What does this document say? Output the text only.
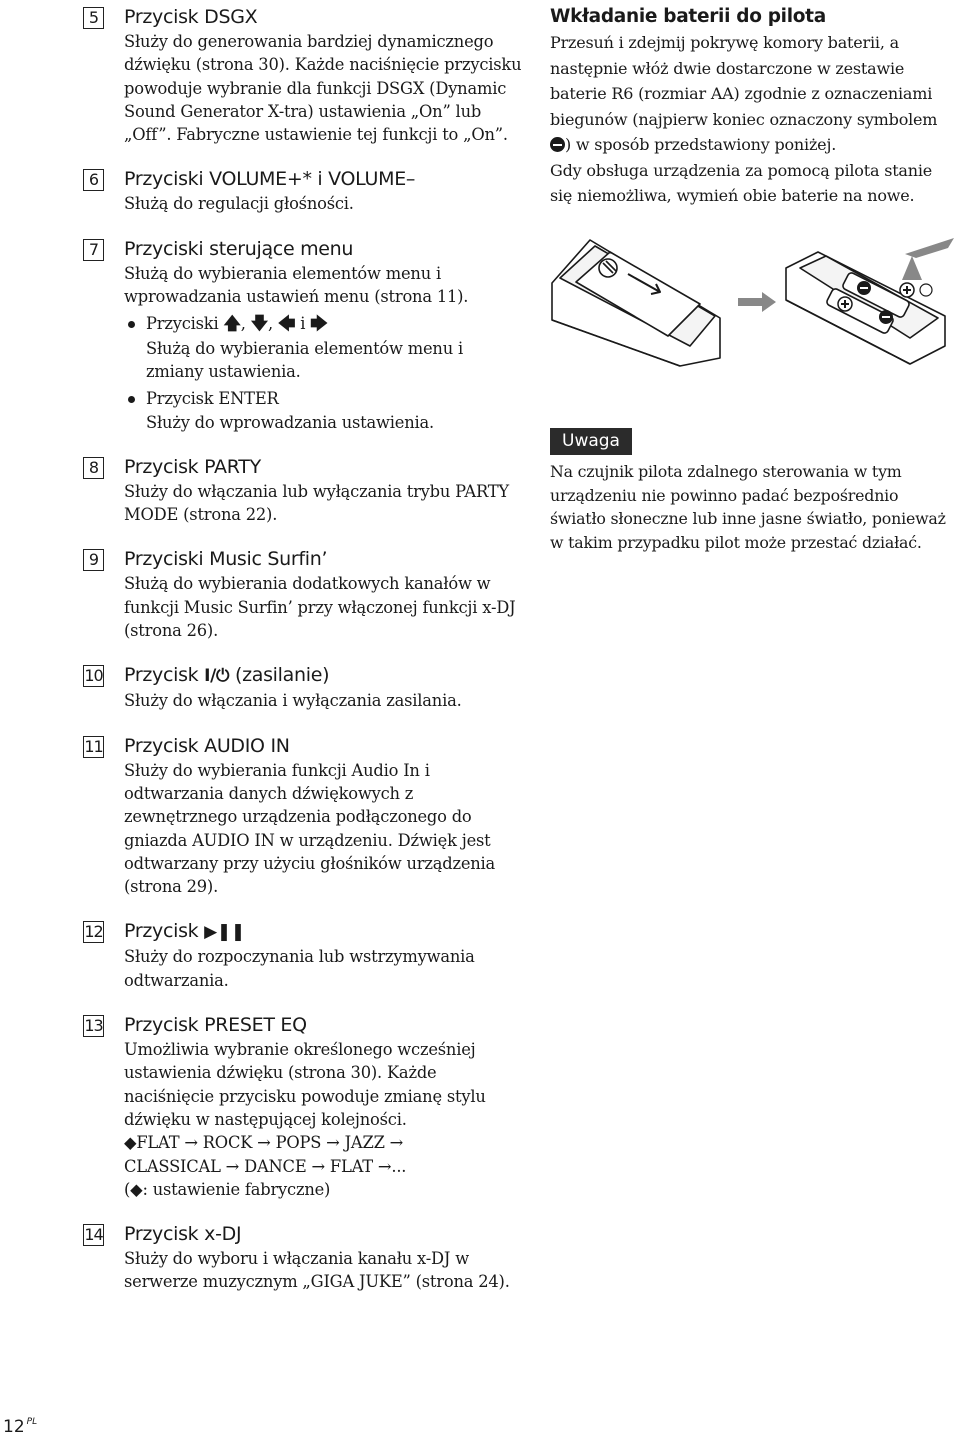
5	Przycisk DSGX
Służy do generowania bardziej dynamicznego dźwięku (strona 30). Każde naciśnięcie przycisku powoduje wybranie dla funkcji DSGX (Dynamic Sound Generator X-tra) ustawienia „On” lub „Off”. Fabryczne ustawienie tej funkcji to „On”.
6	Przyciski VOLUME+* i VOLUME–
Służą do regulacji głośności.
7	Przyciski sterujące menu
Służą do wybierania elementów menu i wprowadzania ustawień menu (strona 11).
Przyciski 🡅, 🡇, 🡄 i 🡆
Służą do wybierania elementów menu i zmiany ustawienia.
Przycisk ENTER
Służy do wprowadzania ustawienia.
8	Przycisk PARTY
Służy do włączania lub wyłączania trybu PARTY MODE (strona 22).
9	Przyciski Music Surfin’
Służą do wybierania dodatkowych kanałów w funkcji Music Surfin’ przy włączonej funkcji x-DJ (strona 26).
10 Przycisk I/⏻ (zasilanie)
Służy do włączania i wyłączania zasilania.
11 Przycisk AUDIO IN
Służy do wybierania funkcji Audio In i odtwarzania danych dźwiękowych z zewnętrznego urządzenia podłączonego do gniazda AUDIO IN w urządzeniu. Dźwięk jest odtwarzany przy użyciu głośników urządzenia (strona 29).
12 Przycisk ▶❚❚
Służy do rozpoczynania lub wstrzymywania odtwarzania.
13 Przycisk PRESET EQ
Umożliwia wybranie określonego wcześniej ustawienia dźwięku (strona 30). Każde naciśnięcie przycisku powoduje zmianę stylu dźwięku w następującej kolejności.
◆FLAT → ROCK → POPS → JAZZ →
CLASSICAL → DANCE → FLAT →...
(◆: ustawienie fabryczne)
14 Przycisk x-DJ
Służy do wyboru i włączania kanału x-DJ w serwerze muzycznym „GIGA JUKE” (strona 24).
Wkładanie baterii do pilota
Przesuń i zdejmij pokrywę komory baterii, a następnie włóż dwie dostarczone w zestawie baterie R6 (rozmiar AA) zgodnie z oznaczeniami biegunów (najpierw koniec oznaczony symbolem ) w sposób przedstawiony poniżej.
Gdy obsługa urządzenia za pomocą pilota stanie się niemożliwa, wymień obie baterie na nowe.
Uwaga
Na czujnik pilota zdalnego sterowania w tym urządzeniu nie powinno padać bezpośrednio światło słoneczne lub inne jasne światło, ponieważ w takim przypadku pilot może przestać działać.
12 $^{PL}$
